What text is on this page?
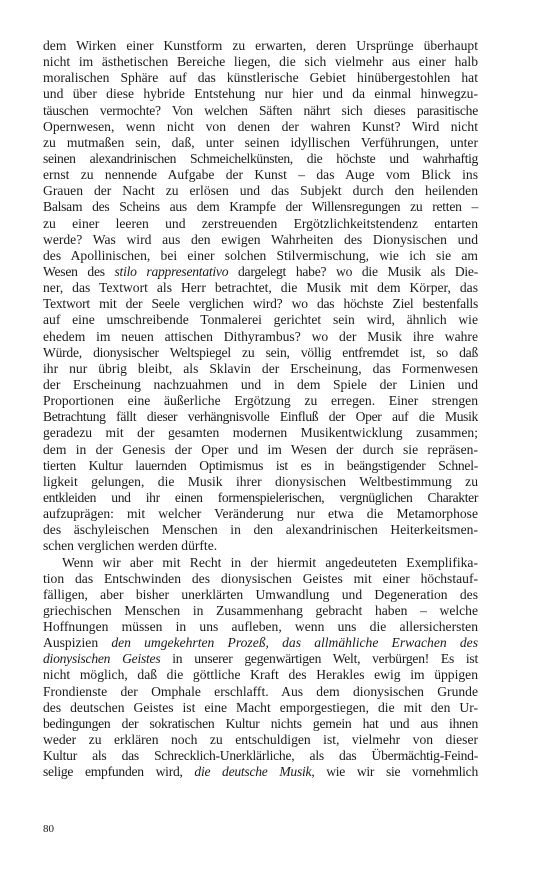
dem Wirken einer Kunstform zu erwarten, deren Ursprünge überhaupt
nicht im ästhetischen Bereiche liegen, die sich vielmehr aus einer halb
moralischen Sphäre auf das künstlerische Gebiet hinübergestohlen hat
und über diese hybride Entstehung nur hier und da einmal hinwegzu-
täuschen vermochte? Von welchen Säften nährt sich dieses parasitische
Opernwesen, wenn nicht von denen der wahren Kunst? Wird nicht
zu mutmaßen sein, daß, unter seinen idyllischen Verführungen, unter
seinen alexandrinischen Schmeichelkünsten, die höchste und wahrhaftig
ernst zu nennende Aufgabe der Kunst – das Auge vom Blick ins
Grauen der Nacht zu erlösen und das Subjekt durch den heilenden
Balsam des Scheins aus dem Krampfe der Willensregungen zu retten –
zu einer leeren und zerstreuenden Ergötzlichkeitstendenz entarten
werde? Was wird aus den ewigen Wahrheiten des Dionysischen und
des Apollinischen, bei einer solchen Stilvermischung, wie ich sie am
Wesen des stilo rappresentativo dargelegt habe? wo die Musik als Die-
ner, das Textwort als Herr betrachtet, die Musik mit dem Körper, das
Textwort mit der Seele verglichen wird? wo das höchste Ziel bestenfalls
auf eine umschreibende Tonmalerei gerichtet sein wird, ähnlich wie
ehedem im neuen attischen Dithyrambus? wo der Musik ihre wahre
Würde, dionysischer Weltspiegel zu sein, völlig entfremdet ist, so daß
ihr nur übrig bleibt, als Sklavin der Erscheinung, das Formenwesen
der Erscheinung nachzuahmen und in dem Spiele der Linien und
Proportionen eine äußerliche Ergötzung zu erregen. Einer strengen
Betrachtung fällt dieser verhängnisvolle Einfluß der Oper auf die Musik
geradezu mit der gesamten modernen Musikentwicklung zusammen;
dem in der Genesis der Oper und im Wesen der durch sie repräsen-
tierten Kultur lauernden Optimismus ist es in beängstigender Schnel-
ligkeit gelungen, die Musik ihrer dionysischen Weltbestimmung zu
entkleiden und ihr einen formenspielerischen, vergnüglichen Charakter
aufzuprägen: mit welcher Veränderung nur etwa die Metamorphose
des äschyleischen Menschen in den alexandrinischen Heiterkeitsmen-
schen verglichen werden dürfte.
Wenn wir aber mit Recht in der hiermit angedeuteten Exemplifika-
tion das Entschwinden des dionysischen Geistes mit einer höchstauf-
fälligen, aber bisher unerklärten Umwandlung und Degeneration des
griechischen Menschen in Zusammenhang gebracht haben – welche
Hoffnungen müssen in uns aufleben, wenn uns die allersichersten
Auspizien den umgekehrten Prozeß, das allmähliche Erwachen des
dionysischen Geistes in unserer gegenwärtigen Welt, verbürgen! Es ist
nicht möglich, daß die göttliche Kraft des Herakles ewig im üppigen
Frondienste der Omphale erschlafft. Aus dem dionysischen Grunde
des deutschen Geistes ist eine Macht emporgestiegen, die mit den Ur-
bedingungen der sokratischen Kultur nichts gemein hat und aus ihnen
weder zu erklären noch zu entschuldigen ist, vielmehr von dieser
Kultur als das Schrecklich-Unerklärliche, als das Übermächtig-Feind-
selige empfunden wird, die deutsche Musik, wie wir sie vornehmlich
80
